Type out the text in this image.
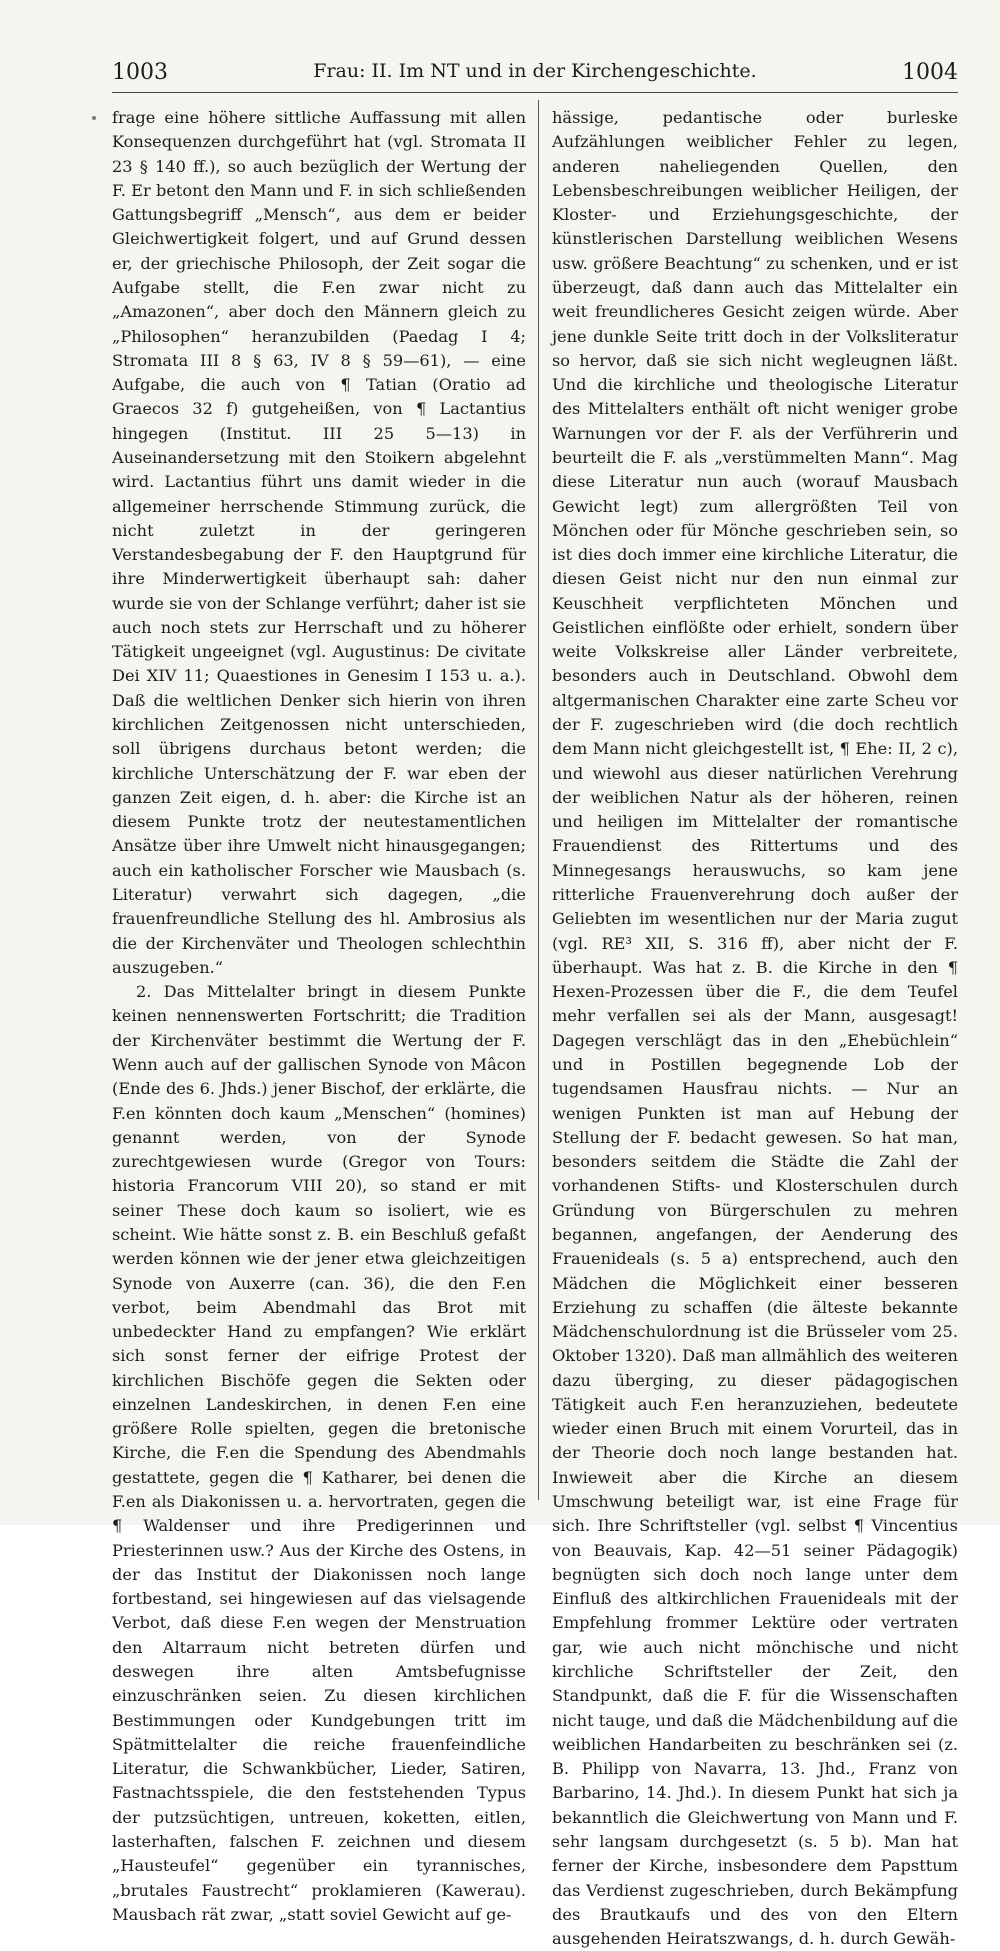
1003	Frau: II. Im NT und in der Kirchengeschichte.	1004

frage eine höhere sittliche Auffassung mit allen Konsequenzen durchgeführt hat (vgl. Stromata II 23 § 140 ff.), so auch bezüglich der Wertung der F. Er betont den Mann und F. in sich schließenden Gattungsbegriff „Mensch“, aus dem er beider Gleichwertigkeit folgert, und auf Grund dessen er, der griechische Philosoph, der Zeit sogar die Aufgabe stellt, die F.en zwar nicht zu „Amazonen“, aber doch den Männern gleich zu „Philosophen“ heranzubilden (Paedag I 4; Stromata III 8 § 63, IV 8 § 59—61), — eine Aufgabe, die auch von ¶ Tatian (Oratio ad Graecos 32 f) gutgeheißen, von ¶ Lactantius hingegen (Institut. III 25 5—13) in Auseinandersetzung mit den Stoikern abgelehnt wird. Lactantius führt uns damit wieder in die allgemeiner herrschende Stimmung zurück, die nicht zuletzt in der geringeren Verstandesbegabung der F. den Hauptgrund für ihre Minderwertigkeit überhaupt sah: daher wurde sie von der Schlange verführt; daher ist sie auch noch stets zur Herrschaft und zu höherer Tätigkeit ungeeignet (vgl. Augustinus: De civitate Dei XIV 11; Quaestiones in Genesim I 153 u. a.). Daß die weltlichen Denker sich hierin von ihren kirchlichen Zeitgenossen nicht unterschieden, soll übrigens durchaus betont werden; die kirchliche Unterschätzung der F. war eben der ganzen Zeit eigen, d. h. aber: die Kirche ist an diesem Punkte trotz der neutestamentlichen Ansätze über ihre Umwelt nicht hinausgegangen; auch ein katholischer Forscher wie Mausbach (s. Literatur) verwahrt sich dagegen, „die frauenfreundliche Stellung des hl. Ambrosius als die der Kirchenväter und Theologen schlechthin auszugeben.“

2. Das Mittelalter bringt in diesem Punkte keinen nennenswerten Fortschritt; die Tradition der Kirchenväter bestimmt die Wertung der F. Wenn auch auf der gallischen Synode von Mâcon (Ende des 6. Jhds.) jener Bischof, der erklärte, die F.en könnten doch kaum „Menschen“ (homines) genannt werden, von der Synode zurechtgewiesen wurde (Gregor von Tours: historia Francorum VIII 20), so stand er mit seiner These doch kaum so isoliert, wie es scheint. Wie hätte sonst z. B. ein Beschluß gefaßt werden können wie der jener etwa gleichzeitigen Synode von Auxerre (can. 36), die den F.en verbot, beim Abendmahl das Brot mit unbedeckter Hand zu empfangen? Wie erklärt sich sonst ferner der eifrige Protest der kirchlichen Bischöfe gegen die Sekten oder einzelnen Landeskirchen, in denen F.en eine größere Rolle spielten, gegen die bretonische Kirche, die F.en die Spendung des Abendmahls gestattete, gegen die ¶ Katharer, bei denen die F.en als Diakonissen u. a. hervortraten, gegen die ¶ Waldenser und ihre Predigerinnen und Priesterinnen usw.? Aus der Kirche des Ostens, in der das Institut der Diakonissen noch lange fortbestand, sei hingewiesen auf das vielsagende Verbot, daß diese F.en wegen der Menstruation den Altarraum nicht betreten dürfen und deswegen ihre alten Amtsbefugnisse einzuschränken seien. Zu diesen kirchlichen Bestimmungen oder Kundgebungen tritt im Spätmittelalter die reiche frauenfeindliche Literatur, die Schwankbücher, Lieder, Satiren, Fastnachtsspiele, die den feststehenden Typus der putzsüchtigen, untreuen, koketten, eitlen, lasterhaften, falschen F. zeichnen und diesem „Hausteufel“ gegenüber ein tyrannisches, „brutales Faustrecht“ proklamieren (Kawerau). Mausbach rät zwar, „statt soviel Gewicht auf ge-

hässige, pedantische oder burleske Aufzählungen weiblicher Fehler zu legen, anderen naheliegenden Quellen, den Lebensbeschreibungen weiblicher Heiligen, der Kloster- und Erziehungsgeschichte, der künstlerischen Darstellung weiblichen Wesens usw. größere Beachtung“ zu schenken, und er ist überzeugt, daß dann auch das Mittelalter ein weit freundlicheres Gesicht zeigen würde. Aber jene dunkle Seite tritt doch in der Volksliteratur so hervor, daß sie sich nicht wegleugnen läßt. Und die kirchliche und theologische Literatur des Mittelalters enthält oft nicht weniger grobe Warnungen vor der F. als der Verführerin und beurteilt die F. als „verstümmelten Mann“. Mag diese Literatur nun auch (worauf Mausbach Gewicht legt) zum allergrößten Teil von Mönchen oder für Mönche geschrieben sein, so ist dies doch immer eine kirchliche Literatur, die diesen Geist nicht nur den nun einmal zur Keuschheit verpflichteten Mönchen und Geistlichen einflößte oder erhielt, sondern über weite Volkskreise aller Länder verbreitete, besonders auch in Deutschland. Obwohl dem altgermanischen Charakter eine zarte Scheu vor der F. zugeschrieben wird (die doch rechtlich dem Mann nicht gleichgestellt ist, ¶ Ehe: II, 2 c), und wiewohl aus dieser natürlichen Verehrung der weiblichen Natur als der höheren, reinen und heiligen im Mittelalter der romantische Frauendienst des Rittertums und des Minnegesangs herauswuchs, so kam jene ritterliche Frauenverehrung doch außer der Geliebten im wesentlichen nur der Maria zugut (vgl. RE³ XII, S. 316 ff), aber nicht der F. überhaupt. Was hat z. B. die Kirche in den ¶ Hexen-Prozessen über die F., die dem Teufel mehr verfallen sei als der Mann, ausgesagt! Dagegen verschlägt das in den „Ehebüchlein“ und in Postillen begegnende Lob der tugendsamen Hausfrau nichts. — Nur an wenigen Punkten ist man auf Hebung der Stellung der F. bedacht gewesen. So hat man, besonders seitdem die Städte die Zahl der vorhandenen Stifts- und Klosterschulen durch Gründung von Bürgerschulen zu mehren begannen, angefangen, der Aenderung des Frauenideals (s. 5 a) entsprechend, auch den Mädchen die Möglichkeit einer besseren Erziehung zu schaffen (die älteste bekannte Mädchenschulordnung ist die Brüsseler vom 25. Oktober 1320). Daß man allmählich des weiteren dazu überging, zu dieser pädagogischen Tätigkeit auch F.en heranzuziehen, bedeutete wieder einen Bruch mit einem Vorurteil, das in der Theorie doch noch lange bestanden hat. Inwieweit aber die Kirche an diesem Umschwung beteiligt war, ist eine Frage für sich. Ihre Schriftsteller (vgl. selbst ¶ Vincentius von Beauvais, Kap. 42—51 seiner Pädagogik) begnügten sich doch noch lange unter dem Einfluß des altkirchlichen Frauenideals mit der Empfehlung frommer Lektüre oder vertraten gar, wie auch nicht mönchische und nicht kirchliche Schriftsteller der Zeit, den Standpunkt, daß die F. für die Wissenschaften nicht tauge, und daß die Mädchenbildung auf die weiblichen Handarbeiten zu beschränken sei (z. B. Philipp von Navarra, 13. Jhd., Franz von Barbarino, 14. Jhd.). In diesem Punkt hat sich ja bekanntlich die Gleichwertung von Mann und F. sehr langsam durchgesetzt (s. 5 b). Man hat ferner der Kirche, insbesondere dem Papsttum das Verdienst zugeschrieben, durch Bekämpfung des Brautkaufs und des von den Eltern ausgehenden Heiratszwangs, d. h. durch Gewäh-
